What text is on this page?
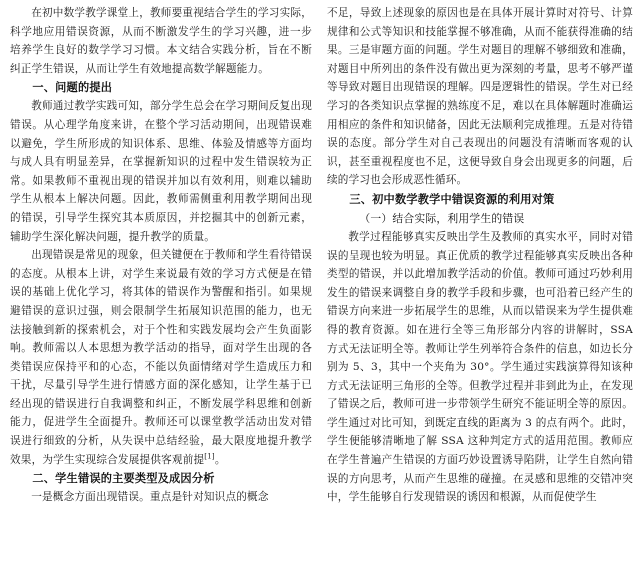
在初中数学教学课堂上，教师要重视结合学生的学习实际，科学地应用错误资源，从而不断激发学生的学习兴趣，进一步培养学生良好的数学学习习惯。本文结合实践分析，旨在不断纠正学生错误，从而让学生有效地提高数学解题能力。

一、问题的提出

教师通过教学实践可知，部分学生总会在学习期间反复出现错误。从心理学角度来讲，在整个学习活动期间，出现错误难以避免，学生所形成的知识体系、思维、体验及情感等方面均与成人具有明显差异，在掌握新知识的过程中发生错误较为正常。如果教师不重视出现的错误并加以有效利用，则难以辅助学生从根本上解决问题。因此，教师需侧重利用教学期间出现的错误，引导学生探究其本质原因，并挖掘其中的创新元素，辅助学生深化解决问题，提升教学的质量。

出现错误是常见的现象，但关键便在于教师和学生看待错误的态度。从根本上讲，对学生来说最有效的学习方式便是在错误的基础上优化学习，将其体的错误作为警醒和指引。如果规避错误的意识过强，则会限制学生拓展知识范围的能力，也无法接触到新的探索机会，对于个性和实践发展均会产生负面影响。教师需以人本思想为教学活动的指导，面对学生出现的各类错误应保持平和的心态，不能以负面情绪对学生造成压力和干扰，尽量引导学生进行情感方面的深化感知，让学生基于已经出现的错误进行自我调整和纠正，不断发展学科思维和创新能力，促进学生全面提升。教师还可以课堂教学活动出发对错误进行细致的分析，从失误中总结经验，最大限度地提升教学效果，为学生实现综合发展提供客观前提[1]。

二、学生错误的主要类型及成因分析

一是概念方面出现错误。重点是针对知识点的概念

不足，导致上述现象的原因也是在具体开展计算时对符号、计算规律和公式等知识和技能掌握不够准确，从而不能获得准确的结果。三是审题方面的问题。学生对题目的理解不够细致和准确，对题目中所列出的条件没有做出更为深刻的考量，思考不够严谨等导致对题目出现错误的理解。四是逻辑性的错误。学生对已经学习的各类知识点掌握的熟练度不足，难以在具体解题时准确运用相应的条件和知识储备，因此无法顺利完成推理。五是对待错误的态度。部分学生对自己表现出的问题没有清晰而客观的认识，甚至重视程度也不足，这便导致自身会出现更多的问题，后续的学习也会形成恶性循环。

三、初中数学教学中错误资源的利用对策

（一）结合实际，利用学生的错误

教学过程能够真实反映出学生及教师的真实水平，同时对错误的呈现也较为明显。真正优质的教学过程能够真实反映出各种类型的错误，并以此增加教学活动的价值。教师可通过巧妙利用发生的错误来调整自身的教学手段和步骤，也可沿着已经产生的错误方向来进一步拓展学生的思维，从而以错误来为学生提供难得的教育资源。如在进行全等三角形部分内容的讲解时，SSA 方式无法证明全等。教师让学生列举符合条件的信息，如边长分别为 5、3，其中一个夹角为 30°。学生通过实践演算得知该种方式无法证明三角形的全等。但教学过程并非到此为止，在发现了错误之后，教师可进一步带领学生研究不能证明全等的原因。学生通过对比可知，到既定直线的距离为 3 的点有两个。此时，学生便能够清晰地了解 SSA 这种判定方式的适用范围。教师应在学生普遍产生错误的方面巧妙设置诱导陷阱，让学生自然向错误的方向思考，从而产生思维的碰撞。在灵感和思维的交错冲突中，学生能够自行发现错误的诱因和根源，从而促使学生
